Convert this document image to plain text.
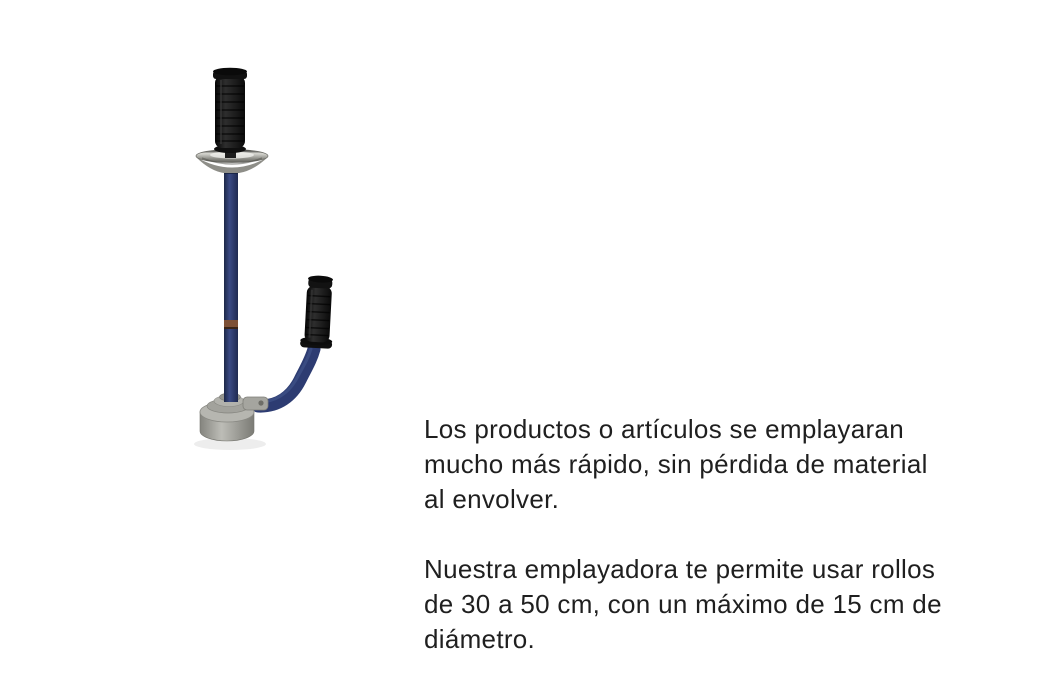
Los productos o artículos se emplayaran
mucho más rápido, sin pérdida de material
al envolver.

Nuestra emplayadora te permite usar rollos
de 30 a 50 cm, con un máximo de 15 cm de
diámetro.
